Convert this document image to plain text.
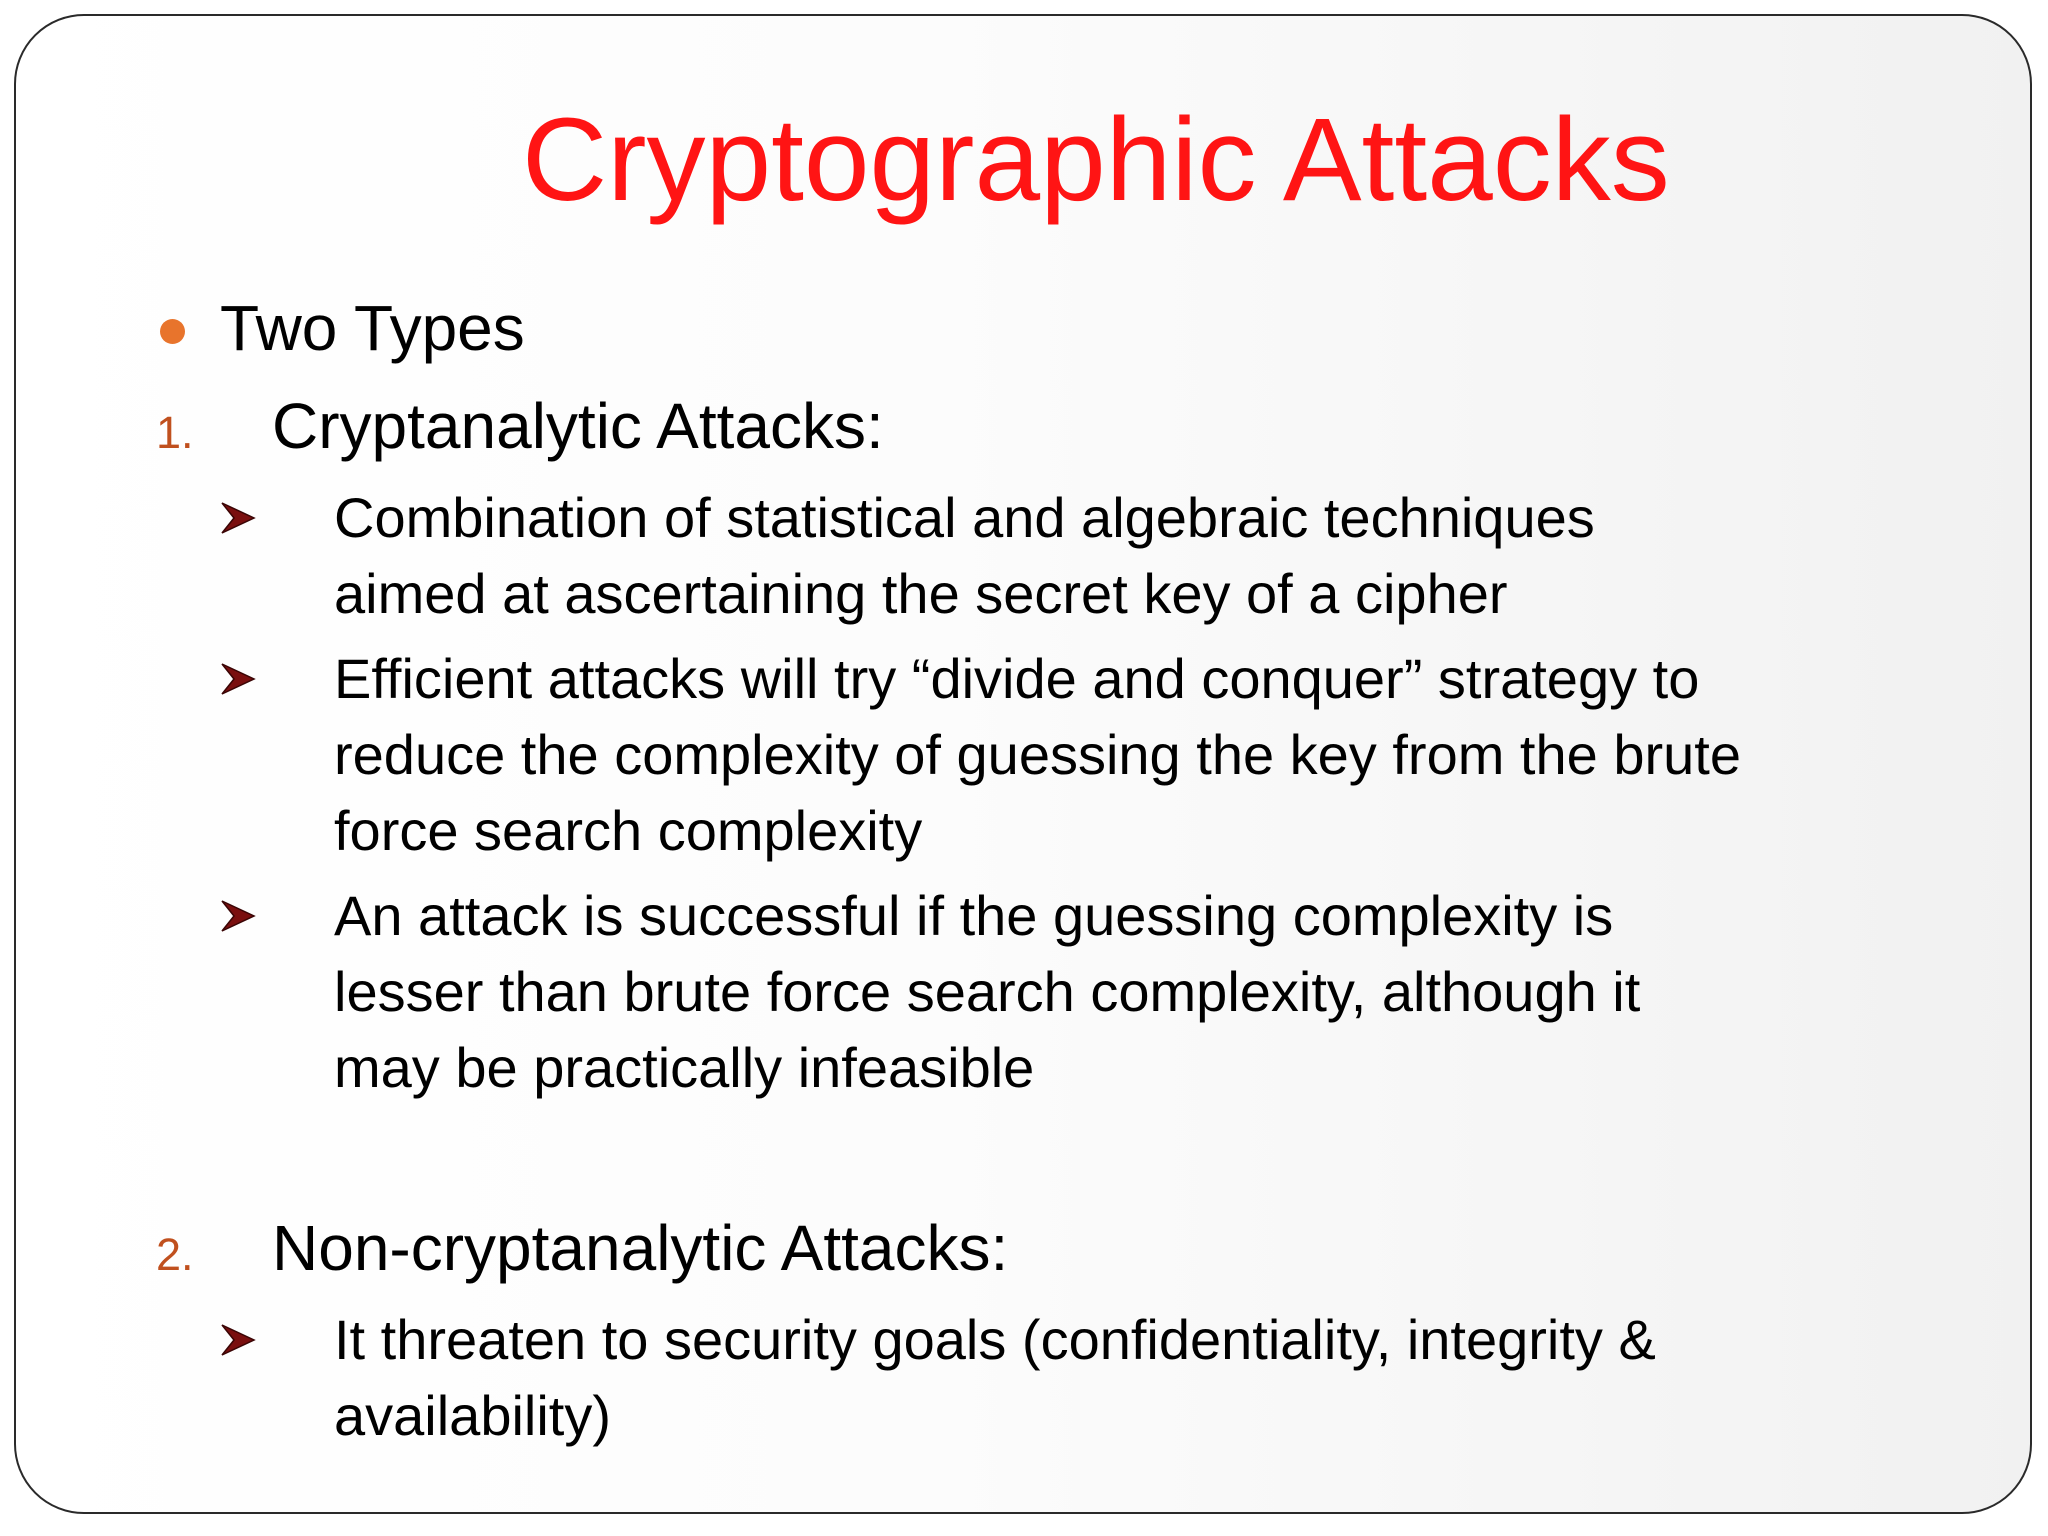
Cryptographic Attacks
Two Types
1. Cryptanalytic Attacks:
Combination of statistical and algebraic techniques
aimed at ascertaining the secret key of a cipher
Efficient attacks will try “divide and conquer” strategy to
reduce the complexity of guessing the key from the brute
force search complexity
An attack is successful if the guessing complexity is
lesser than brute force search complexity, although it
may be practically infeasible
2. Non-cryptanalytic Attacks:
It threaten to security goals (confidentiality, integrity &
availability)
